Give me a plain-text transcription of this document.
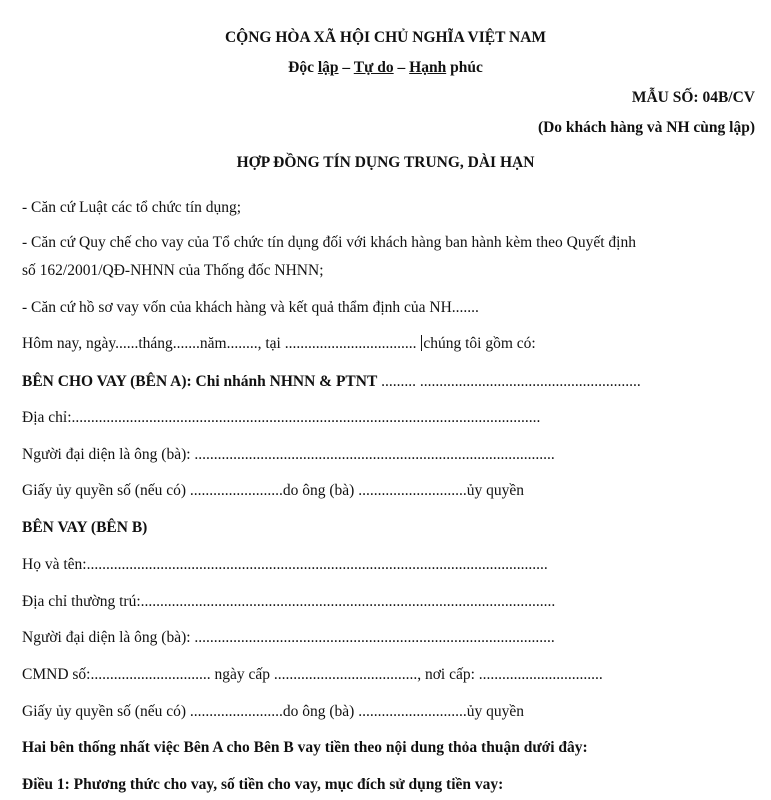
CỘNG HÒA XÃ HỘI CHỦ NGHĨA VIỆT NAM
Độc lập – Tự do – Hạnh phúc
MẪU SỐ: 04B/CV
(Do khách hàng và NH cùng lập)
HỢP ĐỒNG TÍN DỤNG TRUNG, DÀI HẠN
- Căn cứ Luật các tổ chức tín dụng;
- Căn cứ Quy chế cho vay của Tổ chức tín dụng đối với khách hàng ban hành kèm theo Quyết định
số 162/2001/QĐ-NHNN của Thống đốc NHNN;
- Căn cứ hồ sơ vay vốn của khách hàng và kết quả thẩm định của NH.......
Hôm nay, ngày......tháng.......năm........, tại .................................. chúng tôi gồm có:
BÊN CHO VAY (BÊN A): Chi nhánh NHNN & PTNT ......... .........................................................
Địa chỉ:.........................................................................................................................
Người đại diện là ông (bà): .............................................................................................
Giấy ủy quyền số (nếu có) ........................do ông (bà) ............................ủy quyền
BÊN VAY (BÊN B)
Họ và tên:.......................................................................................................................
Địa chỉ thường trú:...........................................................................................................
Người đại diện là ông (bà): .............................................................................................
CMND số:............................... ngày cấp ....................................., nơi cấp: ................................
Giấy ủy quyền số (nếu có) ........................do ông (bà) ............................ủy quyền
Hai bên thống nhất việc Bên A cho Bên B vay tiền theo nội dung thỏa thuận dưới đây:
Điều 1: Phương thức cho vay, số tiền cho vay, mục đích sử dụng tiền vay:
